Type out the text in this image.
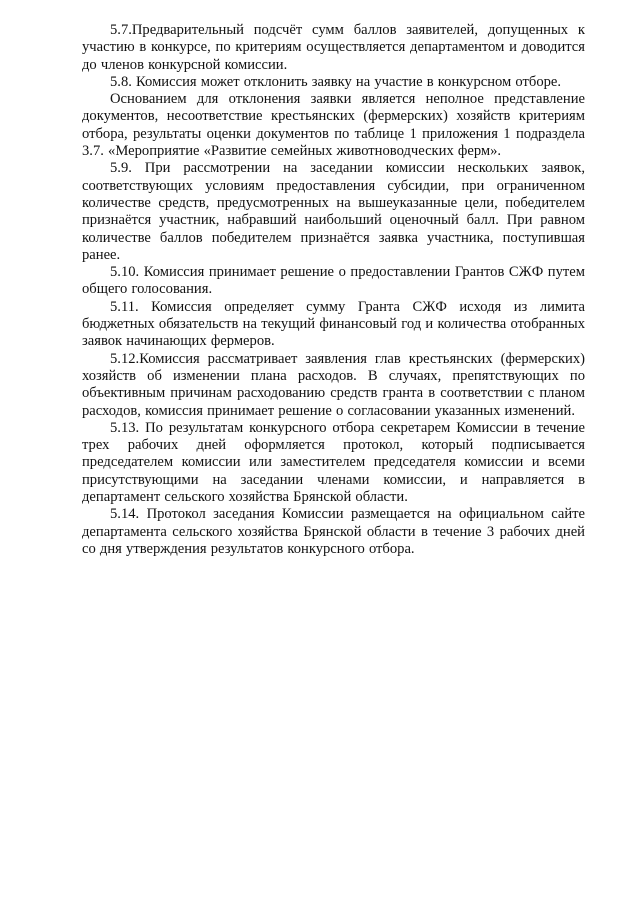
5.7.Предварительный подсчёт сумм баллов заявителей, допущенных к участию в конкурсе, по критериям осуществляется департаментом и доводится до членов конкурсной комиссии.

5.8. Комиссия может отклонить заявку на участие в конкурсном отборе.

Основанием для отклонения заявки является неполное представление документов, несоответствие крестьянских (фермерских) хозяйств критериям отбора, результаты оценки документов по таблице 1 приложения 1 подраздела 3.7. «Мероприятие «Развитие семейных животноводческих ферм».

5.9. При рассмотрении на заседании комиссии нескольких заявок, соответствующих условиям предоставления субсидии, при ограниченном количестве средств, предусмотренных на вышеуказанные цели, победителем признаётся участник, набравший наибольший оценочный балл. При равном количестве баллов победителем признаётся заявка участника, поступившая ранее.

5.10. Комиссия принимает решение о предоставлении Грантов СЖФ путем общего голосования.

5.11. Комиссия определяет сумму Гранта СЖФ исходя из лимита бюджетных обязательств на текущий финансовый год и количества отобранных заявок начинающих фермеров.

5.12.Комиссия рассматривает заявления глав крестьянских (фермерских) хозяйств об изменении плана расходов. В случаях, препятствующих по объективным причинам расходованию средств гранта в соответствии с планом расходов, комиссия принимает решение о согласовании указанных изменений.

5.13. По результатам конкурсного отбора секретарем Комиссии в течение трех рабочих дней оформляется протокол, который подписывается председателем комиссии или заместителем председателя комиссии и всеми присутствующими на заседании членами комиссии, и направляется в департамент сельского хозяйства Брянской области.

5.14. Протокол заседания Комиссии размещается на официальном сайте департамента сельского хозяйства Брянской области в течение 3 рабочих дней со дня утверждения результатов конкурсного отбора.
